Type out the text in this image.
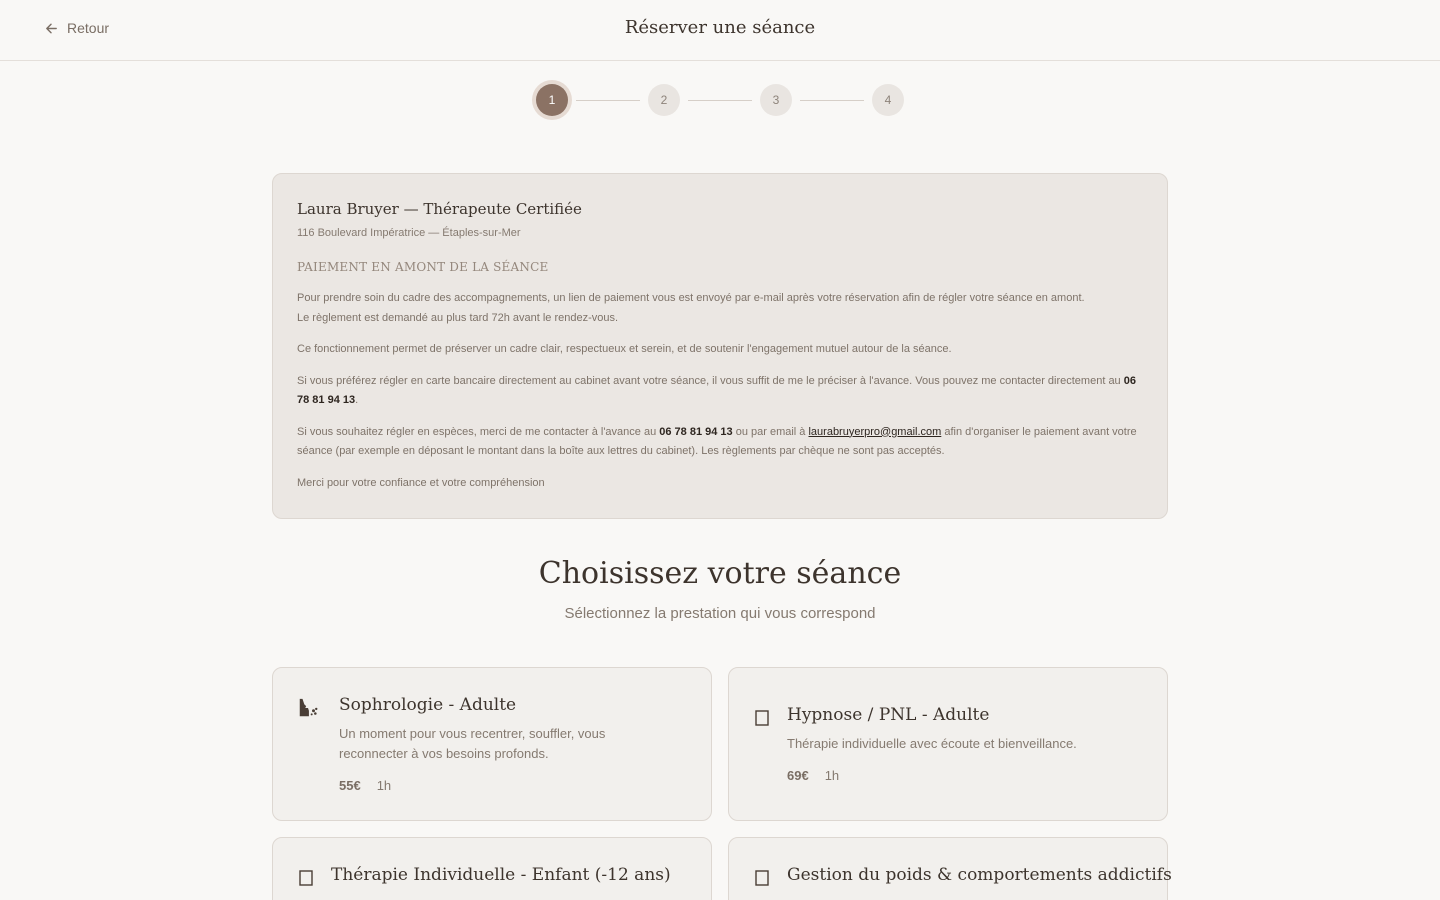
Retour	Réserver une séance
1	2	3	4
Laura Bruyer — Thérapeute Certifiée
116 Boulevard Impératrice — Étaples-sur-Mer
PAIEMENT EN AMONT DE LA SÉANCE

Pour prendre soin du cadre des accompagnements, un lien de paiement vous est envoyé par e-mail après votre réservation afin de régler votre séance en amont.
Le règlement est demandé au plus tard 72h avant le rendez-vous.

Ce fonctionnement permet de préserver un cadre clair, respectueux et serein, et de soutenir l'engagement mutuel autour de la séance.

Si vous préférez régler en carte bancaire directement au cabinet avant votre séance, il vous suffit de me le préciser à l'avance. Vous pouvez me contacter directement au 06 78 81 94 13.

Si vous souhaitez régler en espèces, merci de me contacter à l'avance au 06 78 81 94 13 ou par email à laurabruyerpro@gmail.com afin d'organiser le paiement avant votre séance (par exemple en déposant le montant dans la boîte aux lettres du cabinet). Les règlements par chèque ne sont pas acceptés.

Merci pour votre confiance et votre compréhension

Choisissez votre séance
Sélectionnez la prestation qui vous correspond
Sophrologie - Adulte
Un moment pour vous recentrer, souffler, vous reconnecter à vos besoins profonds.
55€ 1h
Hypnose / PNL - Adulte
Thérapie individuelle avec écoute et bienveillance.
69€ 1h
Thérapie Individuelle - Enfant (-12 ans)	Gestion du poids & comportements addictifs
